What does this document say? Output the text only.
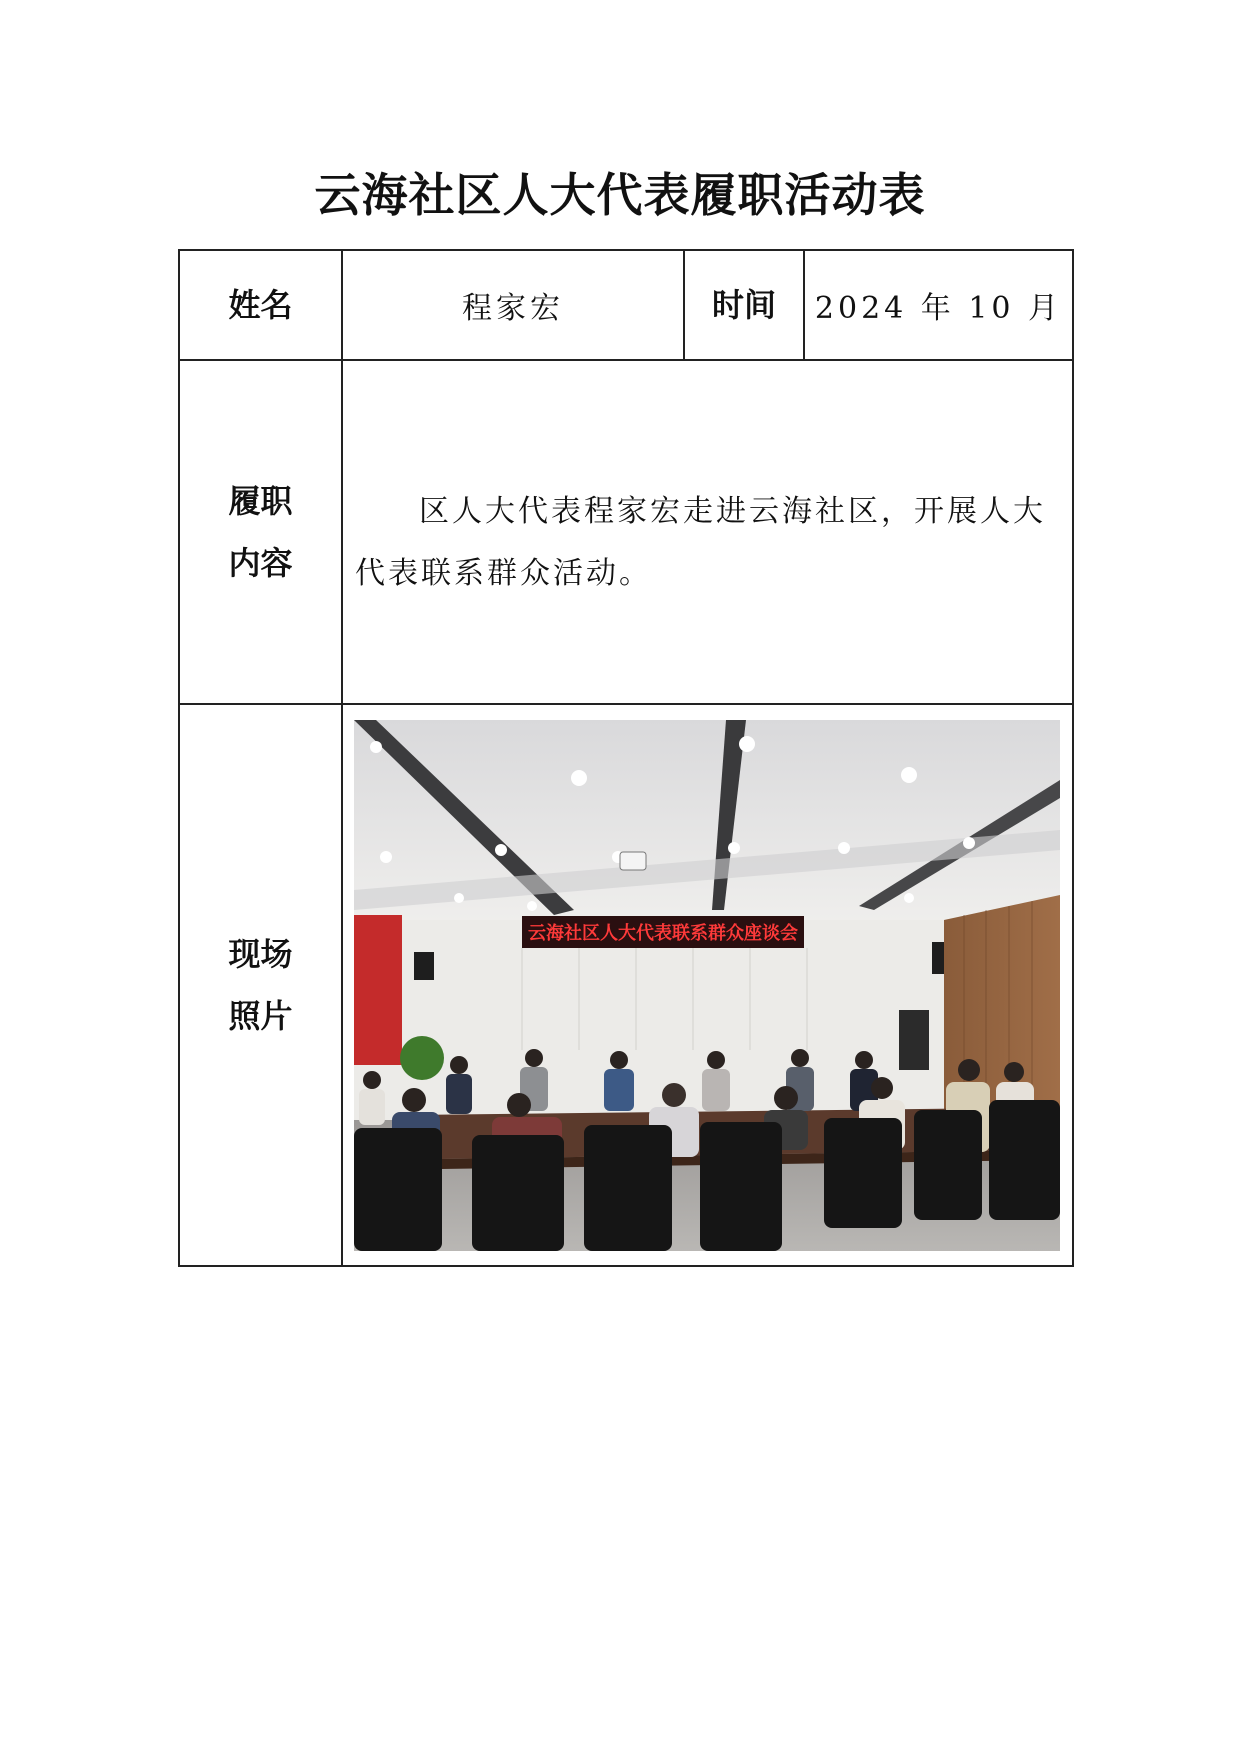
云海社区人大代表履职活动表
姓名	程家宏	时间	2024 年 10 月

履职
内容	区人大代表程家宏走进云海社区，开展人大代表联系群众活动。		

现场
照片	云海社区人大代表联系群众座谈会		
